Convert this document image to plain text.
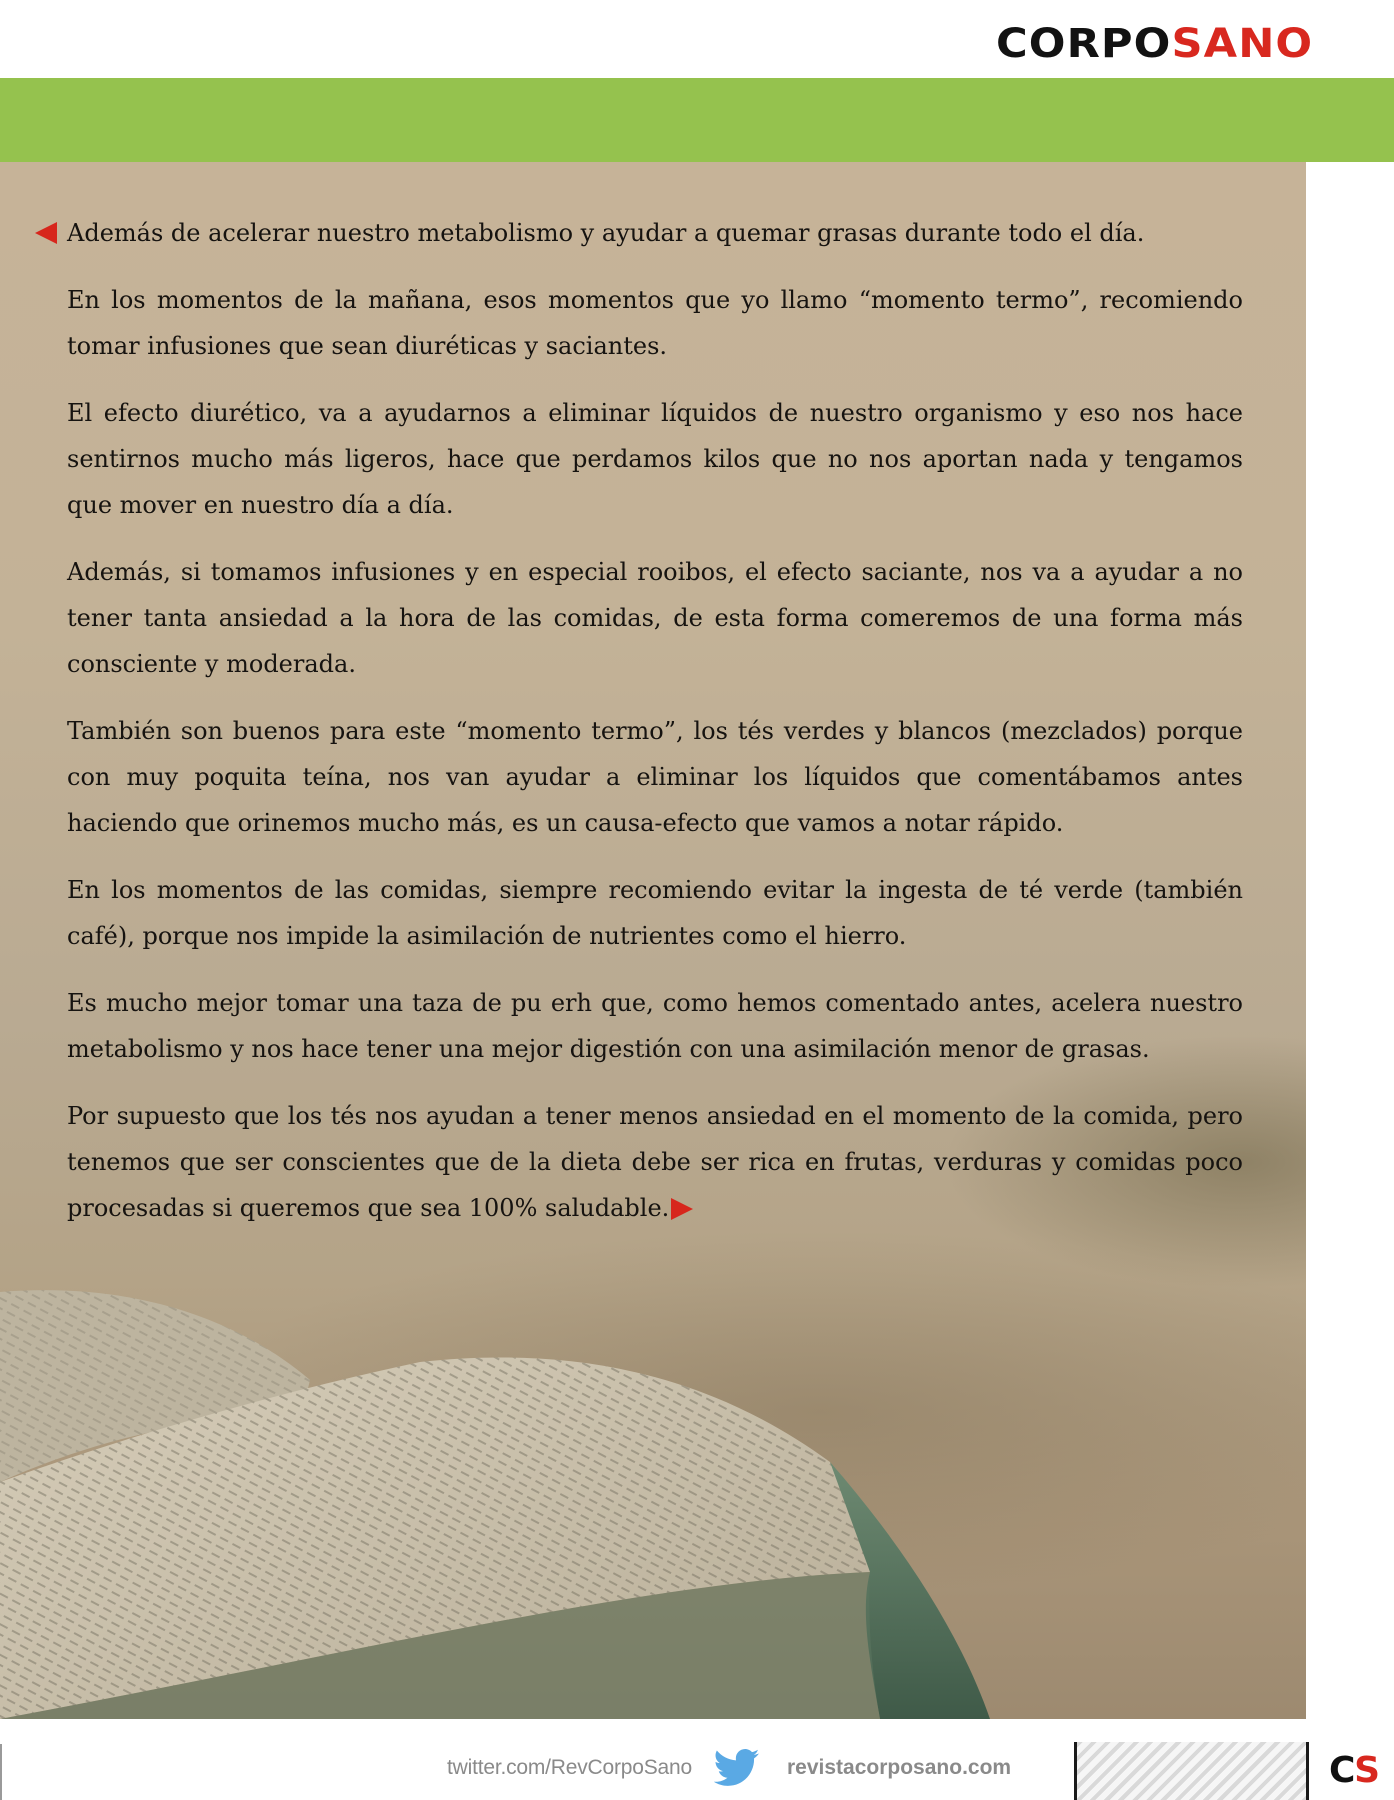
CORPOSANO

Además de acelerar nuestro metabolismo y ayudar a quemar grasas durante todo el día.

En los momentos de la mañana, esos momentos que yo llamo “momento termo”, recomiendo tomar infusiones que sean diuréticas y saciantes.

El efecto diurético, va a ayudarnos a eliminar líquidos de nuestro organismo y eso nos hace sentirnos mucho más ligeros, hace que perdamos kilos que no nos aportan nada y tengamos que mover en nuestro día a día.

Además, si tomamos infusiones y en especial rooibos, el efecto saciante, nos va a ayudar a no tener tanta ansiedad a la hora de las comidas, de esta forma comeremos de una forma más consciente y moderada.

También son buenos para este “momento termo”, los tés verdes y blancos (mezclados) porque con muy poquita teína, nos van ayudar a eliminar los líquidos que comentábamos antes haciendo que orinemos mucho más, es un causa-efecto que vamos a notar rápido.

En los momentos de las comidas, siempre recomiendo evitar la ingesta de té verde (también café), porque nos impide la asimilación de nutrientes como el hierro.

Es mucho mejor tomar una taza de pu erh que, como hemos comentado antes, acelera nuestro metabolismo y nos hace tener una mejor digestión con una asimilación menor de grasas.

Por supuesto que los tés nos ayudan a tener menos ansiedad en el momento de la comida, pero tenemos que ser conscientes que de la dieta debe ser rica en frutas, verduras y comidas poco procesadas si queremos que sea 100% saludable.

twitter.com/RevCorpoSano	revistacorposano.com	CS
